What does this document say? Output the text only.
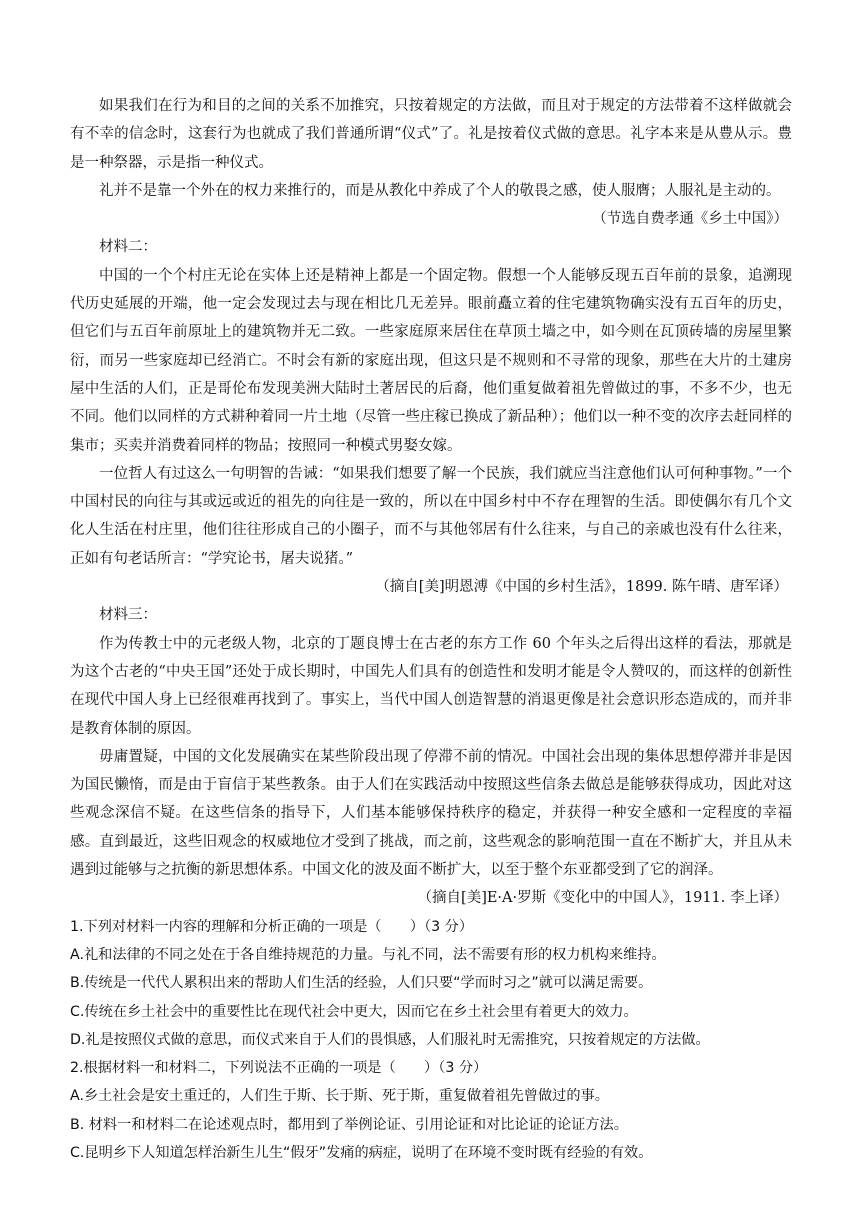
如果我们在行为和目的之间的关系不加推究，只按着规定的方法做，而且对于规定的方法带着不这样做就会有不幸的信念时，这套行为也就成了我们普通所谓“仪式”了。礼是按着仪式做的意思。礼字本来是从豊从示。豊是一种祭器，示是指一种仪式。

礼并不是靠一个外在的权力来推行的，而是从教化中养成了个人的敬畏之感，使人服膺；人服礼是主动的。

（节选自费孝通《乡土中国》）

材料二：

中国的一个个村庄无论在实体上还是精神上都是一个固定物。假想一个人能够反现五百年前的景象，追溯现代历史延展的开端，他一定会发现过去与现在相比几无差异。眼前矗立着的住宅建筑物确实没有五百年的历史，但它们与五百年前原址上的建筑物并无二致。一些家庭原来居住在草顶土墙之中，如今则在瓦顶砖墙的房屋里繁衍，而另一些家庭却已经消亡。不时会有新的家庭出现，但这只是不规则和不寻常的现象，那些在大片的土建房屋中生活的人们，正是哥伦布发现美洲大陆时土著居民的后裔，他们重复做着祖先曾做过的事，不多不少，也无不同。他们以同样的方式耕种着同一片土地（尽管一些庄稼已换成了新品种）；他们以一种不变的次序去赶同样的集市；买卖并消费着同样的物品；按照同一种模式男娶女嫁。

一位哲人有过这么一句明智的告诫：“如果我们想要了解一个民族，我们就应当注意他们认可何种事物。”一个中国村民的向往与其或远或近的祖先的向往是一致的，所以在中国乡村中不存在理智的生活。即使偶尔有几个文化人生活在村庄里，他们往往形成自己的小圈子，而不与其他邻居有什么往来，与自己的亲戚也没有什么往来，正如有句老话所言：“学究论书，屠夫说猪。”

（摘自[美]明恩溥《中国的乡村生活》，1899. 陈午晴、唐军译）

材料三：

作为传教士中的元老级人物，北京的丁题良博士在古老的东方工作 60 个年头之后得出这样的看法，那就是为这个古老的“中央王国”还处于成长期时，中国先人们具有的创造性和发明才能是令人赞叹的，而这样的创新性在现代中国人身上已经很难再找到了。事实上，当代中国人创造智慧的消退更像是社会意识形态造成的，而并非是教育体制的原因。

毋庸置疑，中国的文化发展确实在某些阶段出现了停滞不前的情况。中国社会出现的集体思想停滞并非是因为国民懒惰，而是由于盲信于某些教条。由于人们在实践活动中按照这些信条去做总是能够获得成功，因此对这些观念深信不疑。在这些信条的指导下，人们基本能够保持秩序的稳定，并获得一种安全感和一定程度的幸福感。直到最近，这些旧观念的权威地位才受到了挑战，而之前，这些观念的影响范围一直在不断扩大，并且从未遇到过能够与之抗衡的新思想体系。中国文化的波及面不断扩大，以至于整个东亚都受到了它的润泽。

（摘自[美]E·A·罗斯《变化中的中国人》，1911. 李上译）

1.下列对材料一内容的理解和分析正确的一项是（　　）（3 分）

A.礼和法律的不同之处在于各自维持规范的力量。与礼不同，法不需要有形的权力机构来维持。

B.传统是一代代人累积出来的帮助人们生活的经验，人们只要“学而时习之”就可以满足需要。

C.传统在乡土社会中的重要性比在现代社会中更大，因而它在乡土社会里有着更大的效力。

D.礼是按照仪式做的意思，而仪式来自于人们的畏惧感，人们服礼时无需推究，只按着规定的方法做。

2.根据材料一和材料二，下列说法不正确的一项是（　　）（3 分）

A.乡土社会是安土重迁的，人们生于斯、长于斯、死于斯，重复做着祖先曾做过的事。

B. 材料一和材料二在论述观点时，都用到了举例论证、引用论证和对比论证的论证方法。

C.昆明乡下人知道怎样治新生儿生“假牙”发痛的病症，说明了在环境不变时既有经验的有效。
